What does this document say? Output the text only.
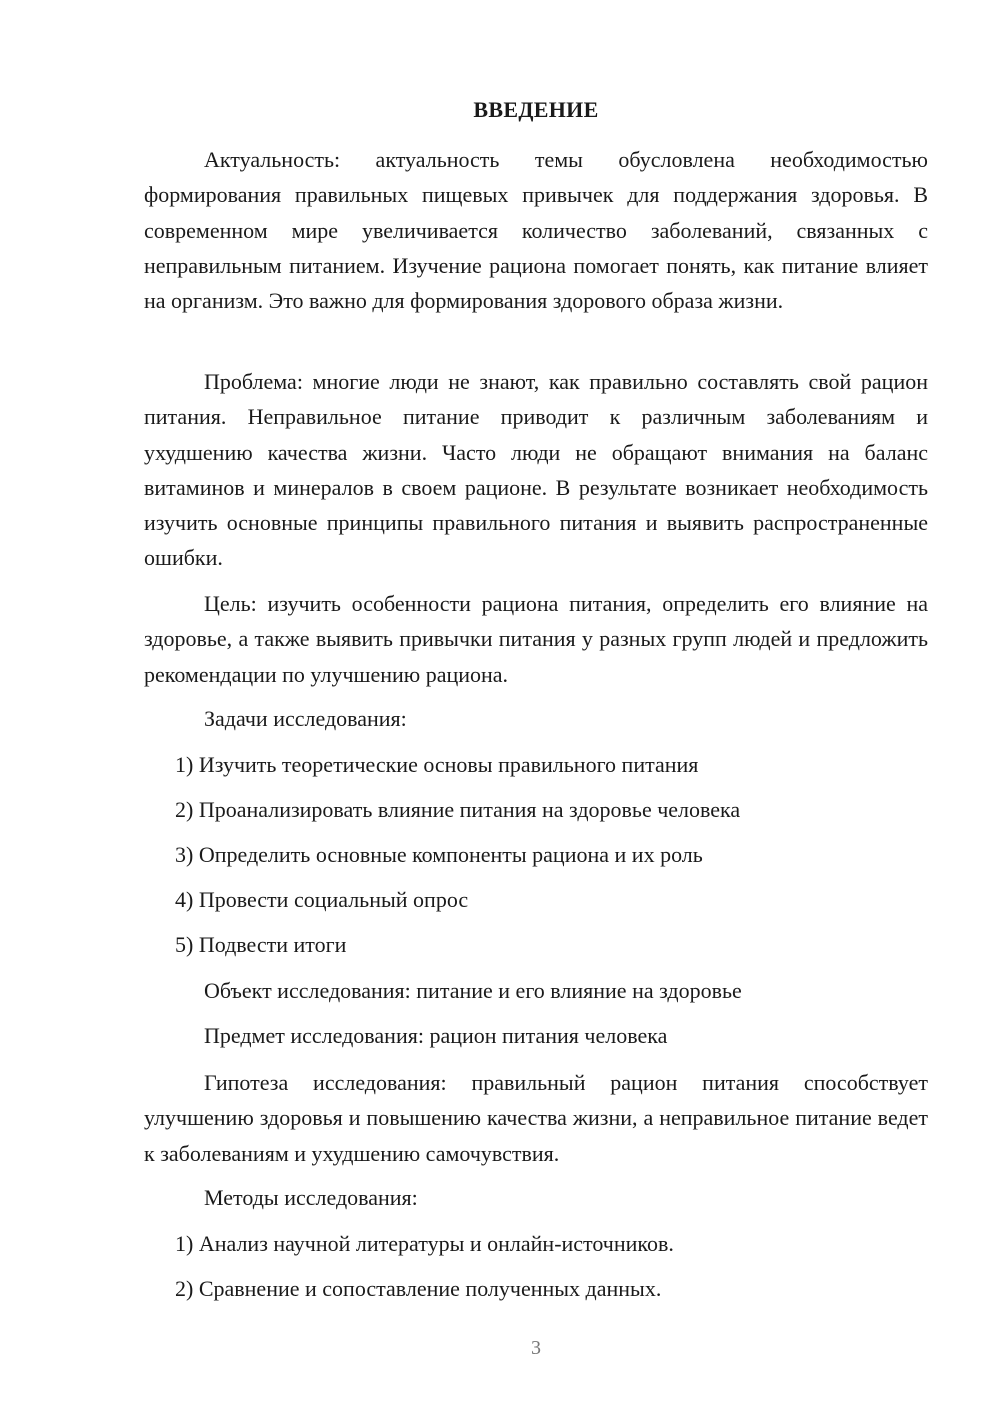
ВВЕДЕНИЕ

Актуальность: актуальность темы обусловлена необходимостью формирования правильных пищевых привычек для поддержания здоровья. В современном мире увеличивается количество заболеваний, связанных с неправильным питанием. Изучение рациона помогает понять, как питание влияет на организм. Это важно для формирования здорового образа жизни.

Проблема: многие люди не знают, как правильно составлять свой рацион питания. Неправильное питание приводит к различным заболеваниям и ухудшению качества жизни. Часто люди не обращают внимания на баланс витаминов и минералов в своем рационе. В результате возникает необходимость изучить основные принципы правильного питания и выявить распространенные ошибки.

Цель: изучить особенности рациона питания, определить его влияние на здоровье, а также выявить привычки питания у разных групп людей и предложить рекомендации по улучшению рациона.

Задачи исследования:

1) Изучить теоретические основы правильного питания

2) Проанализировать влияние питания на здоровье человека

3) Определить основные компоненты рациона и их роль

4) Провести социальный опрос

5) Подвести итоги

Объект исследования: питание и его влияние на здоровье

Предмет исследования: рацион питания человека

Гипотеза исследования: правильный рацион питания способствует улучшению здоровья и повышению качества жизни, а неправильное питание ведет к заболеваниям и ухудшению самочувствия.

Методы исследования:

1) Анализ научной литературы и онлайн-источников.

2) Сравнение и сопоставление полученных данных.

3
